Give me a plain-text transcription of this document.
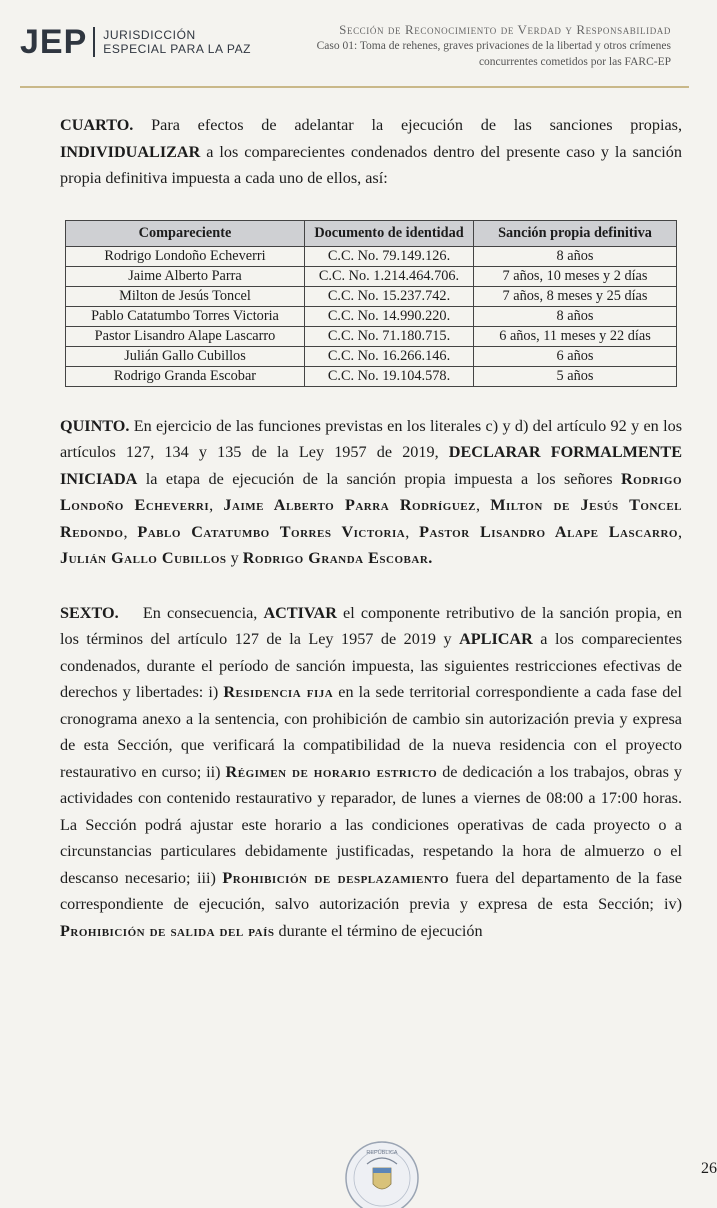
JEP JURISDICCIÓN
ESPECIAL PARA LA PAZ
Sección de Reconocimiento de Verdad y Responsabilidad
Caso 01: Toma de rehenes, graves privaciones de la libertad y otros crímenes
concurrentes cometidos por las FARC-EP

CUARTO. Para efectos de adelantar la ejecución de las sanciones propias, INDIVIDUALIZAR a los comparecientes condenados dentro del presente caso y la sanción propia definitiva impuesta a cada uno de ellos, así:

Compareciente	Documento de identidad	Sanción propia definitiva
Rodrigo Londoño Echeverri	C.C. No. 79.149.126.	8 años
Jaime Alberto Parra	C.C. No. 1.214.464.706.	7 años, 10 meses y 2 días
Milton de Jesús Toncel	C.C. No. 15.237.742.	7 años, 8 meses y 25 días
Pablo Catatumbo Torres Victoria	C.C. No. 14.990.220.	8 años
Pastor Lisandro Alape Lascarro	C.C. No. 71.180.715.	6 años, 11 meses y 22 días
Julián Gallo Cubillos	C.C. No. 16.266.146.	6 años
Rodrigo Granda Escobar	C.C. No. 19.104.578.	5 años

QUINTO. En ejercicio de las funciones previstas en los literales c) y d) del artículo 92 y en los artículos 127, 134 y 135 de la Ley 1957 de 2019, DECLARAR FORMALMENTE INICIADA la etapa de ejecución de la sanción propia impuesta a los señores Rodrigo Londoño Echeverri, Jaime Alberto Parra Rodríguez, Milton de Jesús Toncel Redondo, Pablo Catatumbo Torres Victoria, Pastor Lisandro Alape Lascarro, Julián Gallo Cubillos y Rodrigo Granda Escobar.

SEXTO.   En consecuencia, ACTIVAR el componente retributivo de la sanción propia, en los términos del artículo 127 de la Ley 1957 de 2019 y APLICAR a los comparecientes condenados, durante el período de sanción impuesta, las siguientes restricciones efectivas de derechos y libertades: i) Residencia fija en la sede territorial correspondiente a cada fase del cronograma anexo a la sentencia, con prohibición de cambio sin autorización previa y expresa de esta Sección, que verificará la compatibilidad de la nueva residencia con el proyecto restaurativo en curso; ii) Régimen de horario estricto de dedicación a los trabajos, obras y actividades con contenido restaurativo y reparador, de lunes a viernes de 08:00 a 17:00 horas. La Sección podrá ajustar este horario a las condiciones operativas de cada proyecto o a circunstancias particulares debidamente justificadas, respetando la hora de almuerzo o el descanso necesario; iii) Prohibición de desplazamiento fuera del departamento de la fase correspondiente de ejecución, salvo autorización previa y expresa de esta Sección; iv) Prohibición de salida del país durante el término de ejecución

REPÚBLICA
26
